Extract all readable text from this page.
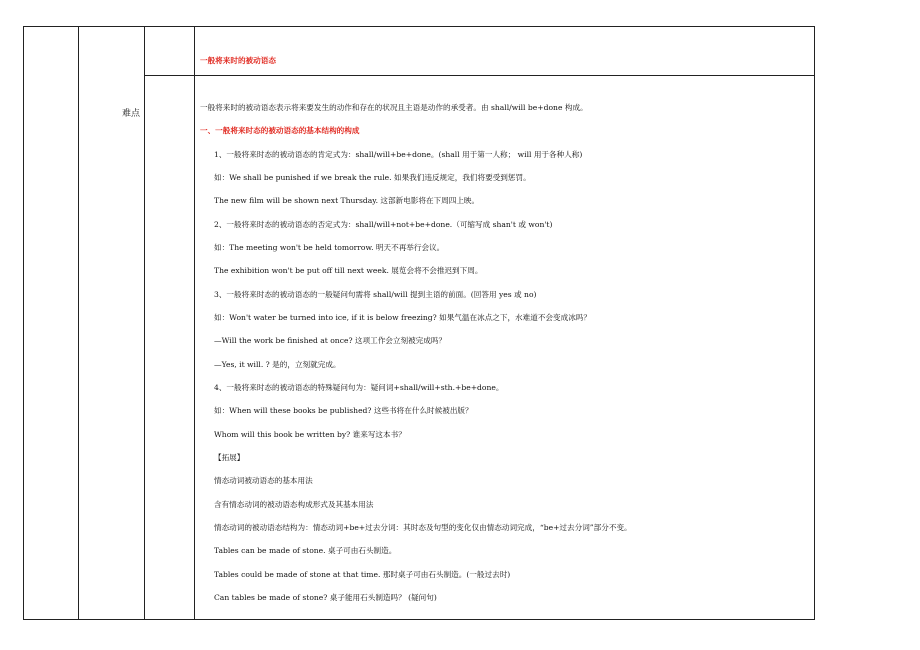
难点
一般将来时的被动语态
一般将来时的被动语态表示将来要发生的动作和存在的状况且主语是动作的承受者。由 shall/will be+done 构成。
一、一般将来时态的被动语态的基本结构的构成
1、一般将来时态的被动语态的肯定式为：shall/will+be+done。(shall 用于第一人称； will 用于各种人称)
如：We shall be punished if we break the rule. 如果我们违反规定，我们将要受到惩罚。
The new film will be shown next Thursday. 这部新电影将在下周四上映。
2、一般将来时态的被动语态的否定式为：shall/will+not+be+done.（可缩写成 shan't 或 won't)
如：The meeting won't be held tomorrow. 明天不再举行会议。
The exhibition won't be put off till next week. 展览会将不会推迟到下周。
3、一般将来时态的被动语态的一般疑问句需将 shall/will 提到主语的前面。(回答用 yes 或 no)
如：Won't water be turned into ice, if it is below freezing? 如果气温在冰点之下，水难道不会变成冰吗？
—Will the work be finished at once? 这项工作会立刻被完成吗？
—Yes, it will. ? 是的，立刻就完成。
4、一般将来时态的被动语态的特殊疑问句为：疑问词+shall/will+sth.+be+done。
如：When will these books be published? 这些书将在什么时候被出版？
Whom will this book be written by? 谁来写这本书？
【拓展】
情态动词被动语态的基本用法
含有情态动词的被动语态构成形式及其基本用法
情态动词的被动语态结构为：情态动词+be+过去分词：其时态及句型的变化仅由情态动词完成，“be+过去分词”部分不变。
Tables can be made of stone. 桌子可由石头制造。
Tables could be made of stone at that time. 那时桌子可由石头制造。(一般过去时)
Can tables be made of stone? 桌子能用石头制造吗？ (疑问句)
